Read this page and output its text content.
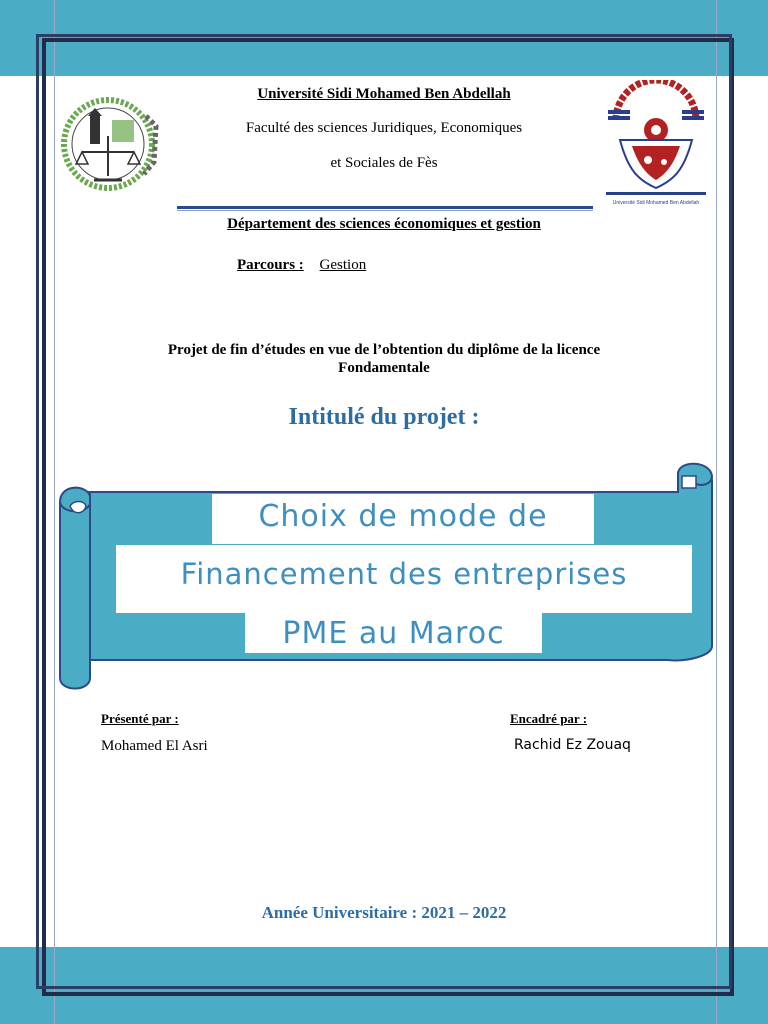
Université Sidi Mohamed Ben Abdellah
Université Sidi Mohamed Ben Abdellah
Faculté des sciences Juridiques, Economiques
et Sociales de Fès
Département des sciences économiques et gestion
Parcours : Gestion
Projet de fin d’études en vue de l’obtention du diplôme de la licence
Fondamentale
Intitulé du projet :
Choix de mode de
Financement des entreprises
PME au Maroc
Présenté par :
Mohamed El Asri
Encadré par :
Rachid Ez Zouaq
Année Universitaire : 2021 – 2022
